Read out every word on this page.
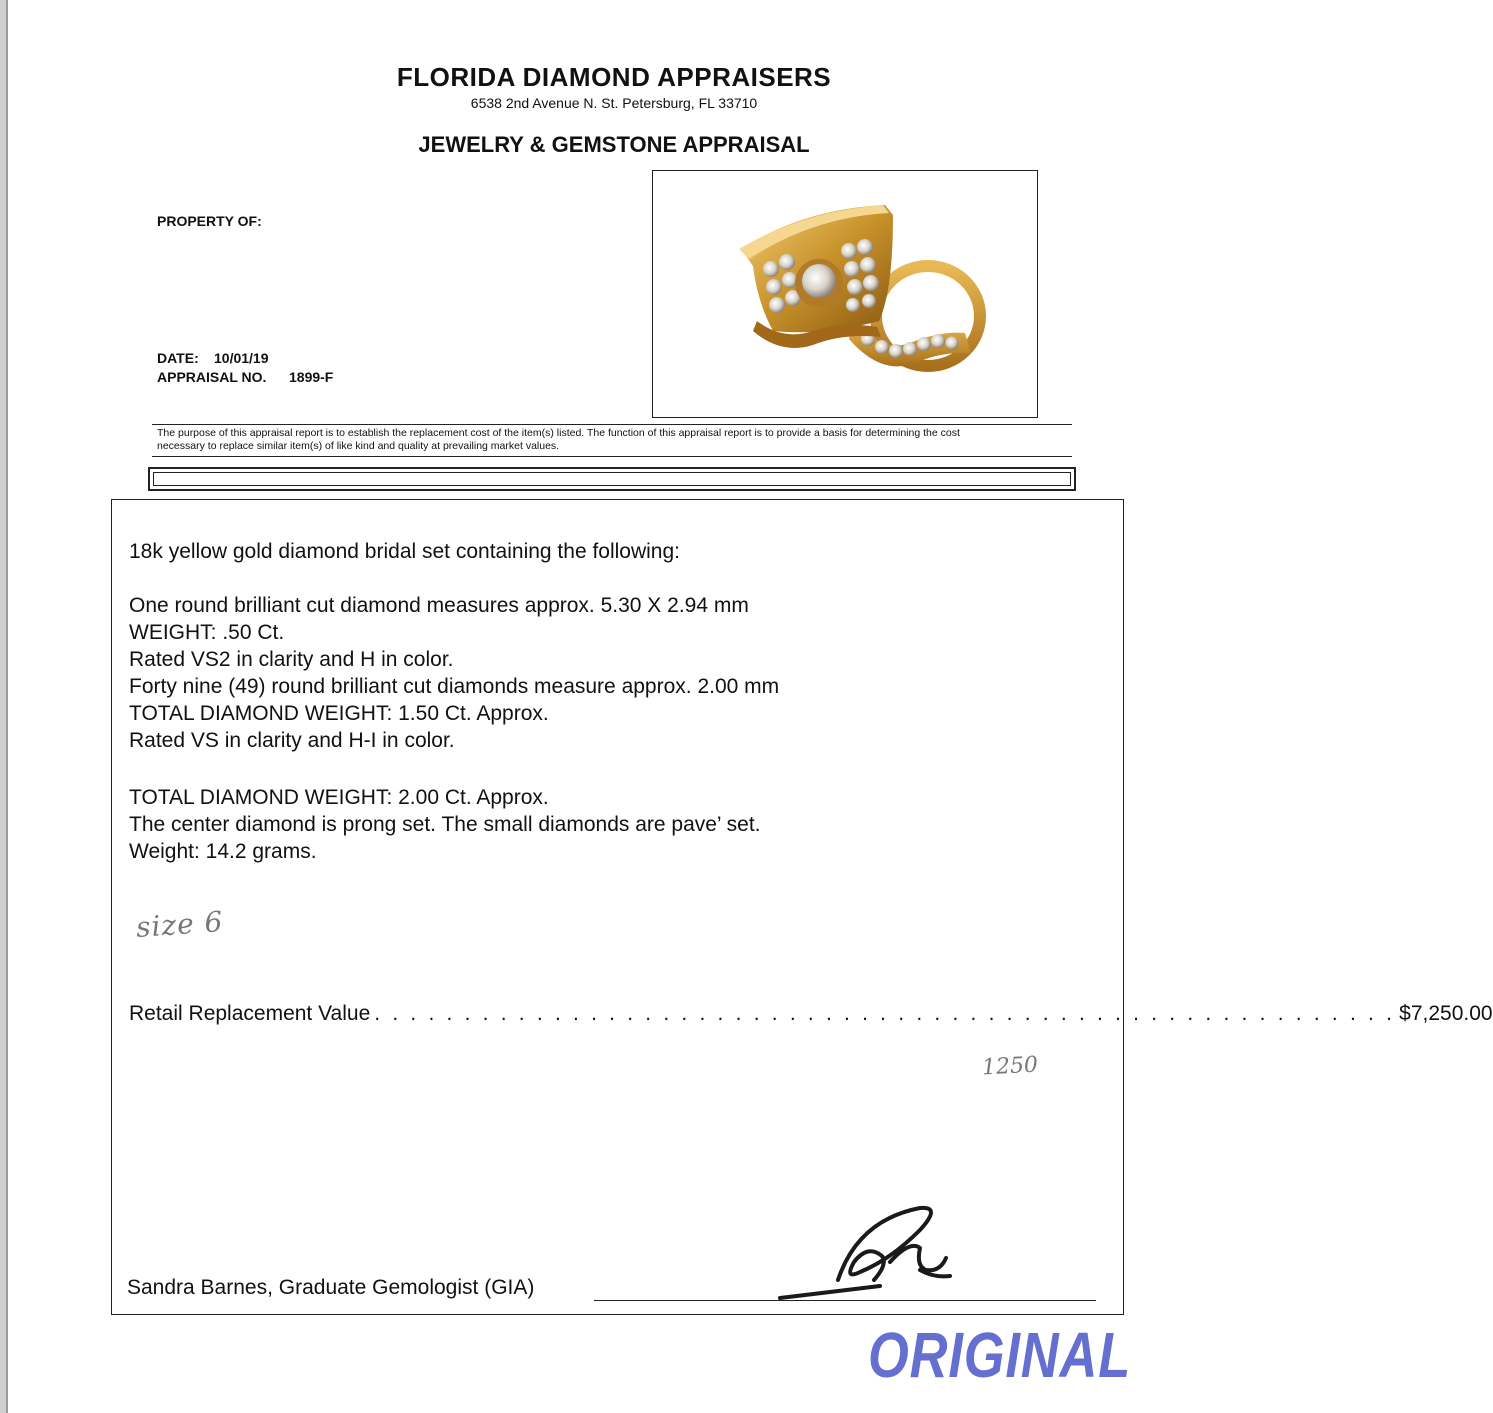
FLORIDA DIAMOND APPRAISERS
6538 2nd Avenue N. St. Petersburg, FL 33710
JEWELRY & GEMSTONE APPRAISAL
PROPERTY OF:
DATE: 10/01/19
APPRAISAL NO. 1899-F
The purpose of this appraisal report is to establish the replacement cost of the item(s) listed. The function of this appraisal report is to provide a basis for determining the cost
necessary to replace similar item(s) of like kind and quality at prevailing market values.
18k yellow gold diamond bridal set containing the following:
One round brilliant cut diamond measures approx. 5.30 X 2.94 mm
WEIGHT: .50 Ct.
Rated VS2 in clarity and H in color.
Forty nine (49) round brilliant cut diamonds measure approx. 2.00 mm
TOTAL DIAMOND WEIGHT: 1.50 Ct. Approx.
Rated VS in clarity and H-I in color.
TOTAL DIAMOND WEIGHT: 2.00 Ct. Approx.
The center diamond is prong set. The small diamonds are pave’ set.
Weight: 14.2 grams.
size 6
Retail Replacement Value . . . . . . . . . . . . . . . . . . . . . . . . . . . . . . . . . . . . . . . . . . . . . . . . . . . . . . . . . $7,250.00
1250
Sandra Barnes, Graduate Gemologist (GIA)
ORIGINAL
